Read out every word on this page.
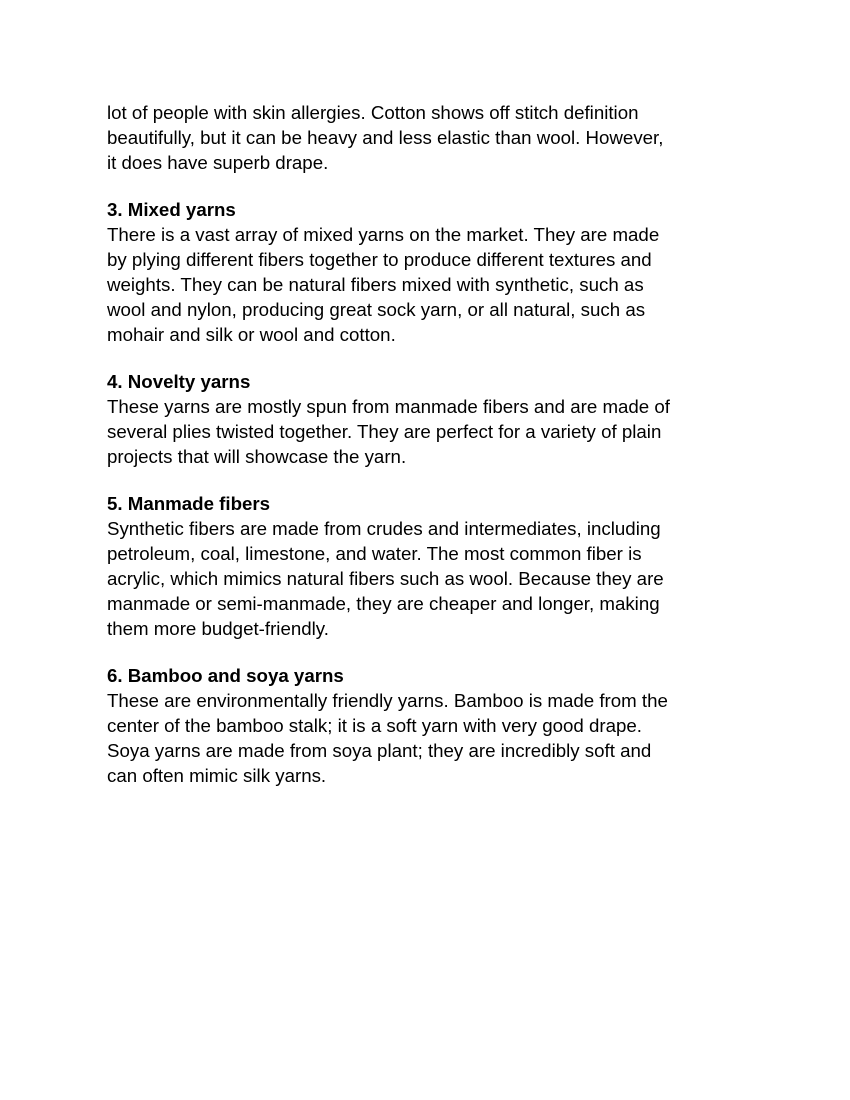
lot of people with skin allergies. Cotton shows off stitch definition
beautifully, but it can be heavy and less elastic than wool. However,
it does have superb drape.
3. Mixed yarns
There is a vast array of mixed yarns on the market. They are made
by plying different fibers together to produce different textures and
weights. They can be natural fibers mixed with synthetic, such as
wool and nylon, producing great sock yarn, or all natural, such as
mohair and silk or wool and cotton.
4. Novelty yarns
These yarns are mostly spun from manmade fibers and are made of
several plies twisted together. They are perfect for a variety of plain
projects that will showcase the yarn.
5. Manmade fibers
Synthetic fibers are made from crudes and intermediates, including
petroleum, coal, limestone, and water. The most common fiber is
acrylic, which mimics natural fibers such as wool. Because they are
manmade or semi-manmade, they are cheaper and longer, making
them more budget-friendly.
6. Bamboo and soya yarns
These are environmentally friendly yarns. Bamboo is made from the
center of the bamboo stalk; it is a soft yarn with very good drape.
Soya yarns are made from soya plant; they are incredibly soft and
can often mimic silk yarns.
